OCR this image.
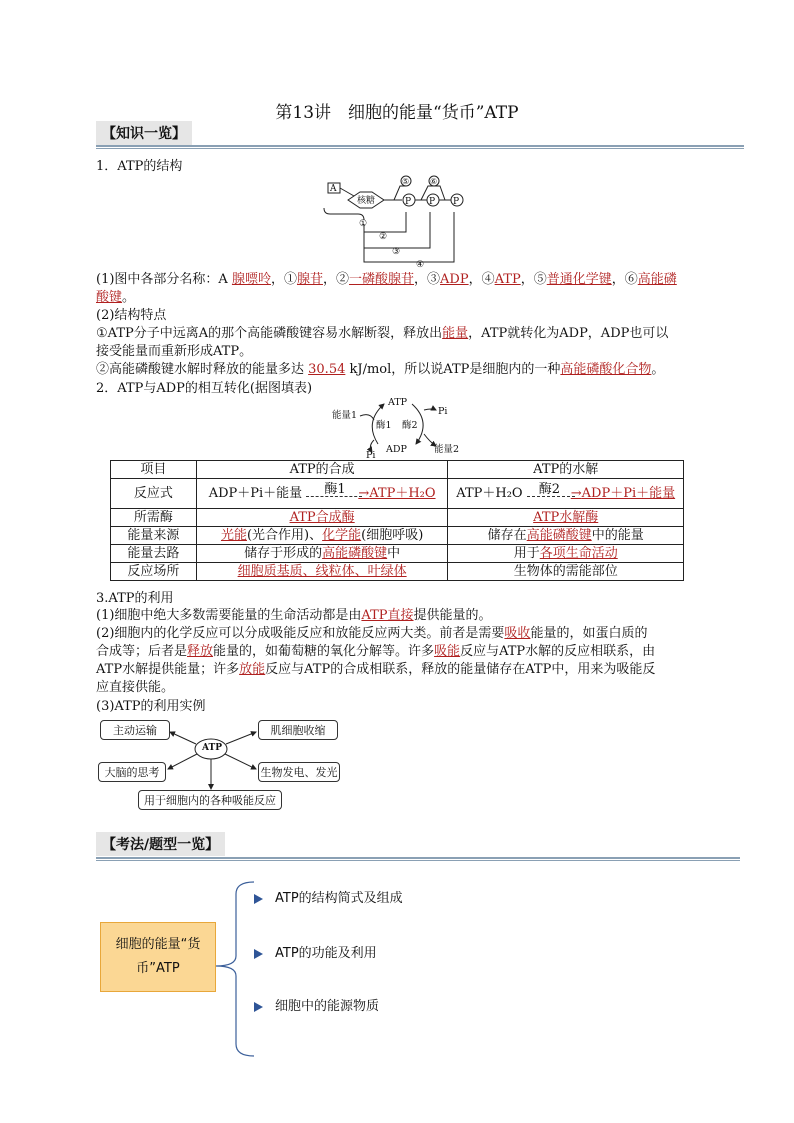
第13讲　细胞的能量“货币”ATP
【知识一览】
1．ATP的结构
A
核糖	P P P
⑤	⑥
①
②
③
④
(1)图中各部分名称：A 腺嘌呤，①腺苷，②一磷酸腺苷，③ADP，④ATP，⑤普通化学键，⑥高能磷
酸键。
(2)结构特点
①ATP分子中远离A的那个高能磷酸键容易水解断裂，释放出能量，ATP就转化为ADP，ADP也可以
接受能量而重新形成ATP。
②高能磷酸键水解时释放的能量多达 30.54 kJ/mol，所以说ATP是细胞内的一种高能磷酸化合物。
2．ATP与ADP的相互转化(据图填表)
能量1
ATP
Pi
酶1 酶2
ADP	能量2
Pi
项目	ATP的合成	ATP的水解
反应式	ADP＋Pi＋能量 酶1 →ATP＋H₂O	ATP＋H₂O 酶2 →ADP＋Pi＋能量
所需酶	ATP合成酶	ATP水解酶
能量来源	光能(光合作用)、化学能(细胞呼吸)	储存在高能磷酸键中的能量
能量去路	储存于形成的高能磷酸键中	用于各项生命活动
反应场所	细胞质基质、线粒体、叶绿体	生物体的需能部位
3.ATP的利用
(1)细胞中绝大多数需要能量的生命活动都是由ATP直接提供能量的。
(2)细胞内的化学反应可以分成吸能反应和放能反应两大类。前者是需要吸收能量的，如蛋白质的
合成等；后者是释放能量的，如葡萄糖的氧化分解等。许多吸能反应与ATP水解的反应相联系，由
ATP水解提供能量；许多放能反应与ATP的合成相联系，释放的能量储存在ATP中，用来为吸能反
应直接供能。
(3)ATP的利用实例
ATP
主动运输	肌细胞收缩
大脑的思考	生物发电、发光
用于细胞内的各种吸能反应
【考法/题型一览】
细胞的能量“货
币”ATP
ATP的结构简式及组成
ATP的功能及利用
细胞中的能源物质
